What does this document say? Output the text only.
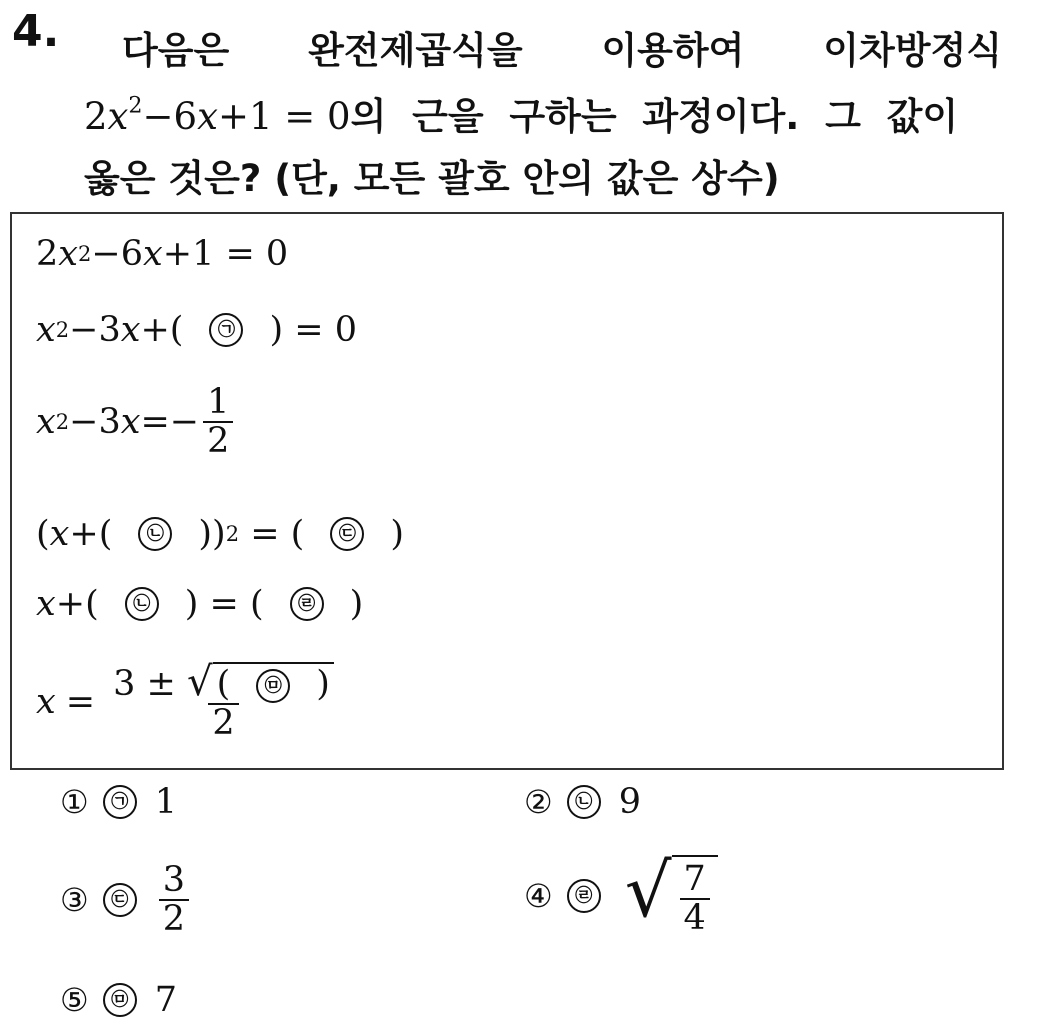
4. 다음은 완전제곱식을 이용하여 이차방정식
$2x^2-6x+1 = 0$ 의  근을  구하는  과정이다.  그  값이
옳은 것은? (단, 모든 괄호 안의 값은 상수)
2 x 2 −6 x +1 = 0
x 2 −3 x +(	㉠ ) = 0
x 2 −3 $x =- \frac{1}{2}$
( x +(	㉡ )) 2 = (	㉢ )
x +(	㉡ ) = (	㉣ )
$x = \frac{3 \pm √ ( ㉤ )}{2}$
①	㉠ 1	②	㉡ 9
③	㉢ $\frac{3}{2}$	④	㉣ √ $\frac{7}{4}$
⑤	㉤ 7
